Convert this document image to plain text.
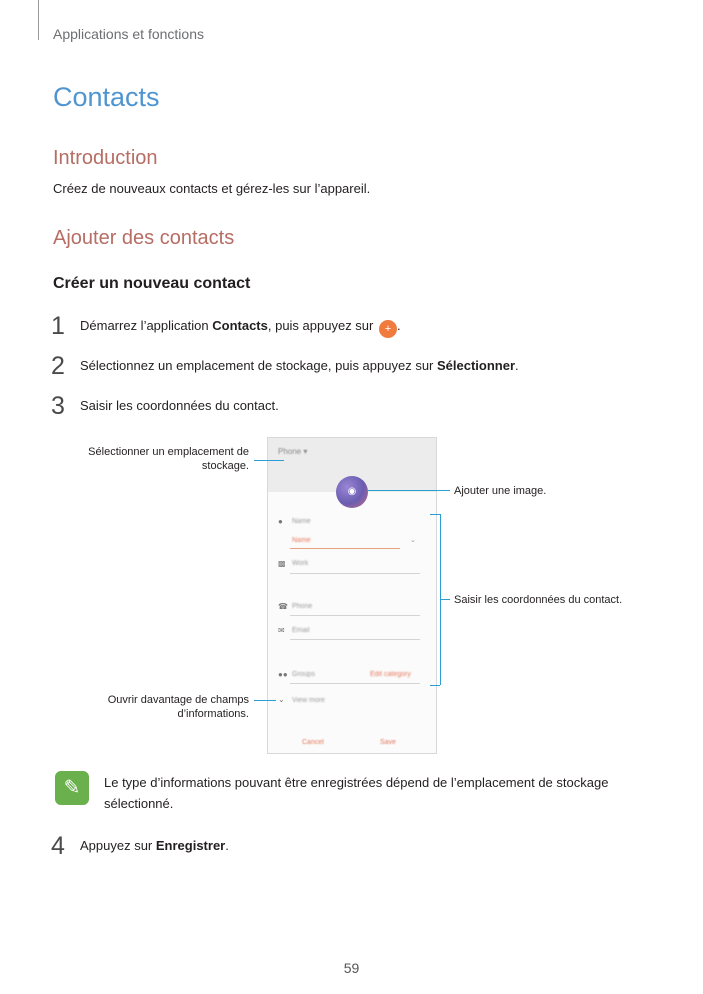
Applications et fonctions
Contacts
Introduction
Créez de nouveaux contacts et gérez-les sur l’appareil.
Ajouter des contacts
Créer un nouveau contact
1 Démarrez l’application Contacts, puis appuyez sur + .
2 Sélectionnez un emplacement de stockage, puis appuyez sur Sélectionner.
3 Saisir les coordonnées du contact.
Phone ▾
◉
● Name
Name	⌄
▩ Work
☎ Phone
✉ Email
●● Groups	Edit category
⌄ View more
Cancel	Save
Sélectionner un emplacement de
stockage.
Ajouter une image.
Saisir les coordonnées du contact.
Ouvrir davantage de champs
d’informations.
✎	Le type d’informations pouvant être enregistrées dépend de l’emplacement de stockage
sélectionné.
4 Appuyez sur Enregistrer.
59
